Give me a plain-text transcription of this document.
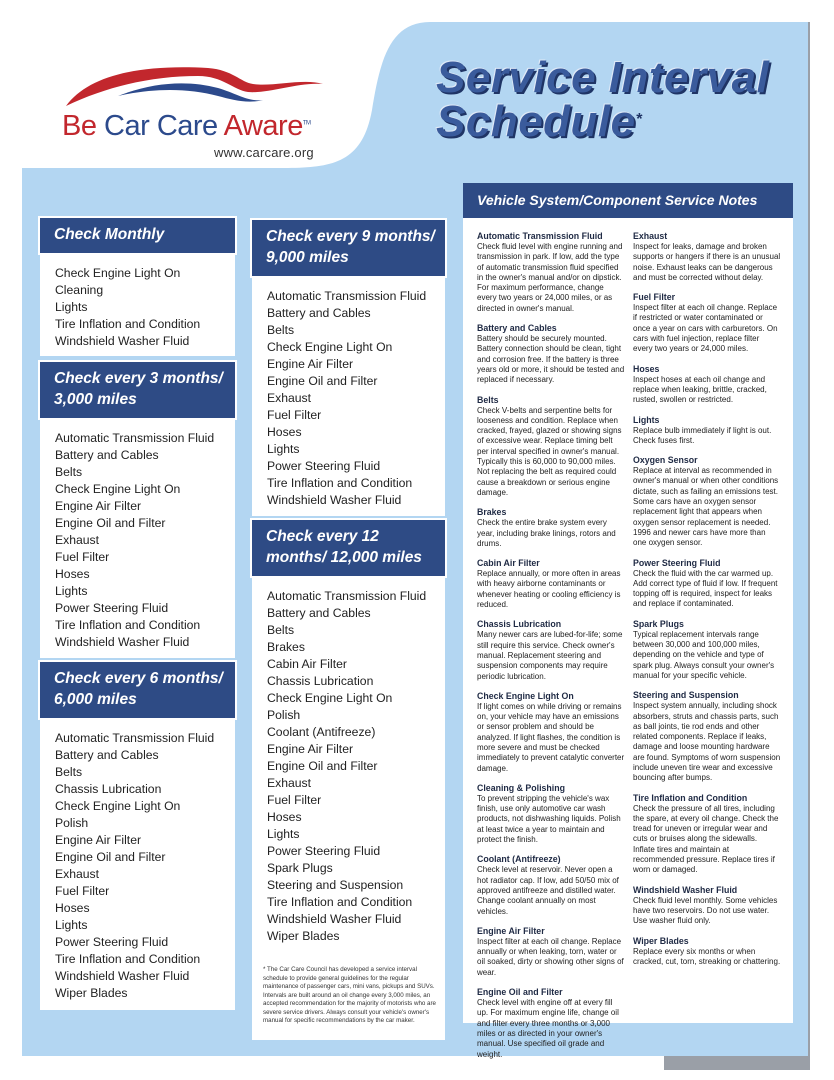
Be Car Care Aware™
www.carcare.org
Service Interval
Schedule*
Check Monthly
Check Engine Light On
Cleaning
Lights
Tire Inflation and Condition
Windshield Washer Fluid
Check every 3 months/ 3,000 miles
Automatic Transmission Fluid
Battery and Cables
Belts
Check Engine Light On
Engine Air Filter
Engine Oil and Filter
Exhaust
Fuel Filter
Hoses
Lights
Power Steering Fluid
Tire Inflation and Condition
Windshield Washer Fluid
Check every 6 months/ 6,000 miles
Automatic Transmission Fluid
Battery and Cables
Belts
Chassis Lubrication
Check Engine Light On
Polish
Engine Air Filter
Engine Oil and Filter
Exhaust
Fuel Filter
Hoses
Lights
Power Steering Fluid
Tire Inflation and Condition
Windshield Washer Fluid
Wiper Blades
Check every 9 months/ 9,000 miles
Automatic Transmission Fluid
Battery and Cables
Belts
Check Engine Light On
Engine Air Filter
Engine Oil and Filter
Exhaust
Fuel Filter
Hoses
Lights
Power Steering Fluid
Tire Inflation and Condition
Windshield Washer Fluid
Check every 12 months/ 12,000 miles
Automatic Transmission Fluid
Battery and Cables
Belts
Brakes
Cabin Air Filter
Chassis Lubrication
Check Engine Light On
Polish
Coolant (Antifreeze)
Engine Air Filter
Engine Oil and Filter
Exhaust
Fuel Filter
Hoses
Lights
Power Steering Fluid
Spark Plugs
Steering and Suspension
Tire Inflation and Condition
Windshield Washer Fluid
Wiper Blades
* The Car Care Council has developed a service interval schedule to provide general guidelines for the regular maintenance of passenger cars, mini vans, pickups and SUVs. Intervals are built around an oil change every 3,000 miles, an accepted recommendation for the majority of motorists who are severe service drivers. Always consult your vehicle's owner's manual for specific recommendations by the car maker.
Vehicle System/Component Service Notes
Automatic Transmission Fluid

Check fluid level with engine running and transmission in park. If low, add the type of automatic transmission fluid specified in the owner's manual and/or on dipstick. For maximum performance, change every two years or 24,000 miles, or as directed in owner's manual.

Battery and Cables

Battery should be securely mounted. Battery connection should be clean, tight and corrosion free. If the battery is three years old or more, it should be tested and replaced if necessary.

Belts

Check V-belts and serpentine belts for looseness and condition. Replace when cracked, frayed, glazed or showing signs of excessive wear. Replace timing belt per interval specified in owner's manual. Typically this is 60,000 to 90,000 miles. Not replacing the belt as required could cause a breakdown or serious engine damage.

Brakes

Check the entire brake system every year, including brake linings, rotors and drums.

Cabin Air Filter

Replace annually, or more often in areas with heavy airborne contaminants or whenever heating or cooling efficiency is reduced.

Chassis Lubrication

Many newer cars are lubed-for-life; some still require this service. Check owner's manual. Replacement steering and suspension components may require periodic lubrication.

Check Engine Light On

If light comes on while driving or remains on, your vehicle may have an emissions or sensor problem and should be analyzed. If light flashes, the condition is more severe and must be checked immediately to prevent catalytic converter damage.

Cleaning & Polishing

To prevent stripping the vehicle's wax finish, use only automotive car wash products, not dishwashing liquids. Polish at least twice a year to maintain and protect the finish.

Coolant (Antifreeze)

Check level at reservoir. Never open a hot radiator cap. If low, add 50/50 mix of approved antifreeze and distilled water. Change coolant annually on most vehicles.

Engine Air Filter

Inspect filter at each oil change. Replace annually or when leaking, torn, water or oil soaked, dirty or showing other signs of wear.

Engine Oil and Filter

Check level with engine off at every fill up. For maximum engine life, change oil and filter every three months or 3,000 miles or as directed in your owner's manual. Use specified oil grade and weight.

Exhaust

Inspect for leaks, damage and broken supports or hangers if there is an unusual noise. Exhaust leaks can be dangerous and must be corrected without delay.

Fuel Filter

Inspect filter at each oil change. Replace if restricted or water contaminated or once a year on cars with carburetors. On cars with fuel injection, replace filter every two years or 24,000 miles.

Hoses

Inspect hoses at each oil change and replace when leaking, brittle, cracked, rusted, swollen or restricted.

Lights

Replace bulb immediately if light is out. Check fuses first.

Oxygen Sensor

Replace at interval as recommended in owner's manual or when other conditions dictate, such as failing an emissions test. Some cars have an oxygen sensor replacement light that appears when oxygen sensor replacement is needed. 1996 and newer cars have more than one oxygen sensor.

Power Steering Fluid

Check the fluid with the car warmed up. Add correct type of fluid if low. If frequent topping off is required, inspect for leaks and replace if contaminated.

Spark Plugs

Typical replacement intervals range between 30,000 and 100,000 miles, depending on the vehicle and type of spark plug. Always consult your owner's manual for your specific vehicle.

Steering and Suspension

Inspect system annually, including shock absorbers, struts and chassis parts, such as ball joints, tie rod ends and other related components. Replace if leaks, damage and loose mounting hardware are found. Symptoms of worn suspension include uneven tire wear and excessive bouncing after bumps.

Tire Inflation and Condition

Check the pressure of all tires, including the spare, at every oil change. Check the tread for uneven or irregular wear and cuts or bruises along the sidewalls. Inflate tires and maintain at recommended pressure. Replace tires if worn or damaged.

Windshield Washer Fluid

Check fluid level monthly. Some vehicles have two reservoirs. Do not use water. Use washer fluid only.

Wiper Blades

Replace every six months or when cracked, cut, torn, streaking or chattering.
